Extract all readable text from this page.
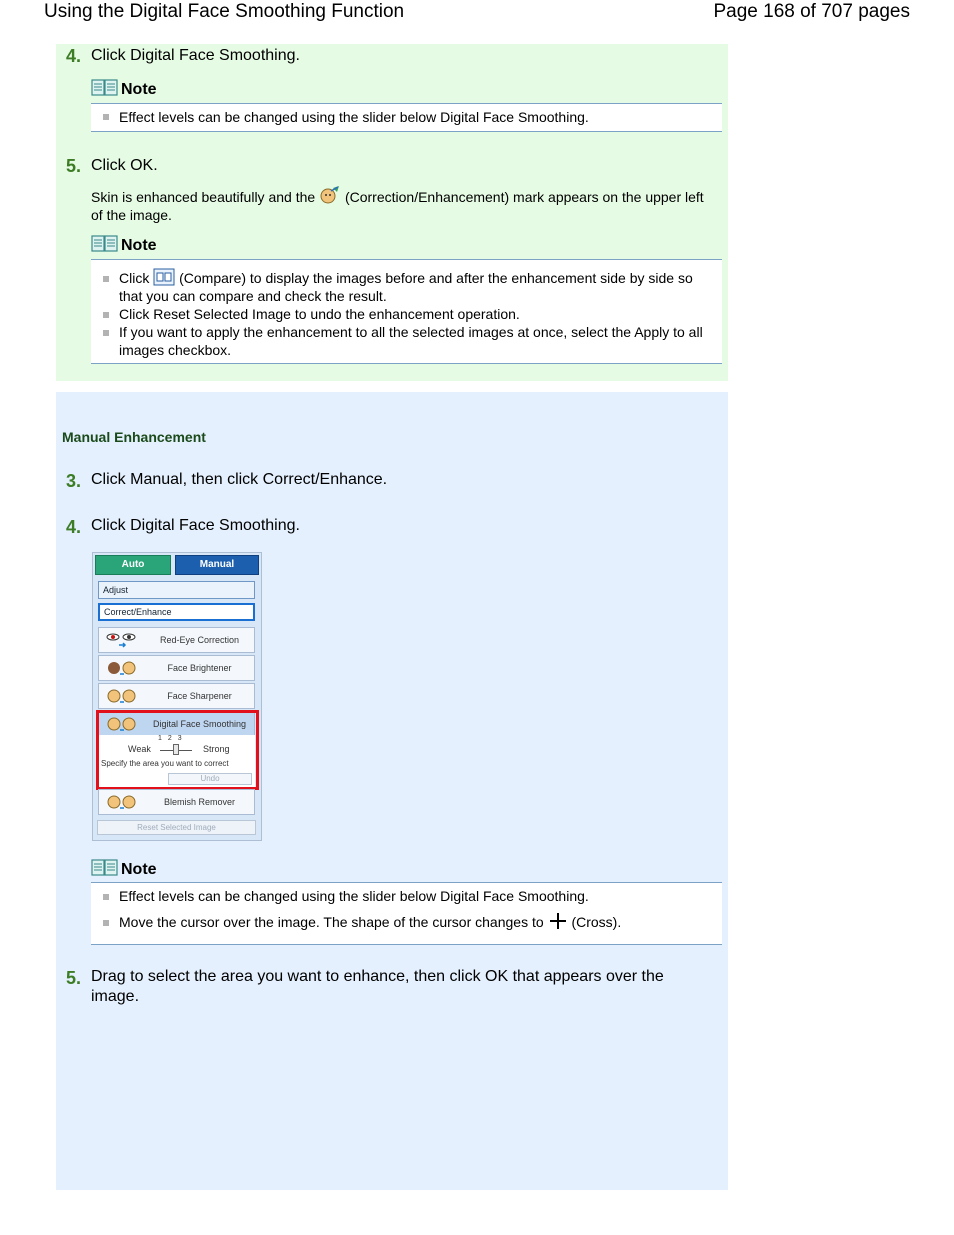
Using the Digital Face Smoothing Function	Page 168 of 707 pages
4. Click Digital Face Smoothing.
Note
Effect levels can be changed using the slider below Digital Face Smoothing.
5. Click OK.
Skin is enhanced beautifully and the (Correction/Enhancement) mark appears on the upper left of the image.
Note
Click (Compare) to display the images before and after the enhancement side by side so that you can compare and check the result.
Click Reset Selected Image to undo the enhancement operation.
If you want to apply the enhancement to all the selected images at once, select the Apply to all images checkbox.
Manual Enhancement
3. Click Manual, then click Correct/Enhance.
4. Click Digital Face Smoothing.
Auto	Manual
Adjust
Correct/Enhance
Red-Eye Correction
Face Brightener
Face Sharpener
Digital Face Smoothing
123
Weak	Strong
Specify the area you want to correct
Undo
Blemish Remover
Reset Selected Image
Note
Effect levels can be changed using the slider below Digital Face Smoothing.
Move the cursor over the image. The shape of the cursor changes to (Cross).
5. Drag to select the area you want to enhance, then click OK that appears over the image.
